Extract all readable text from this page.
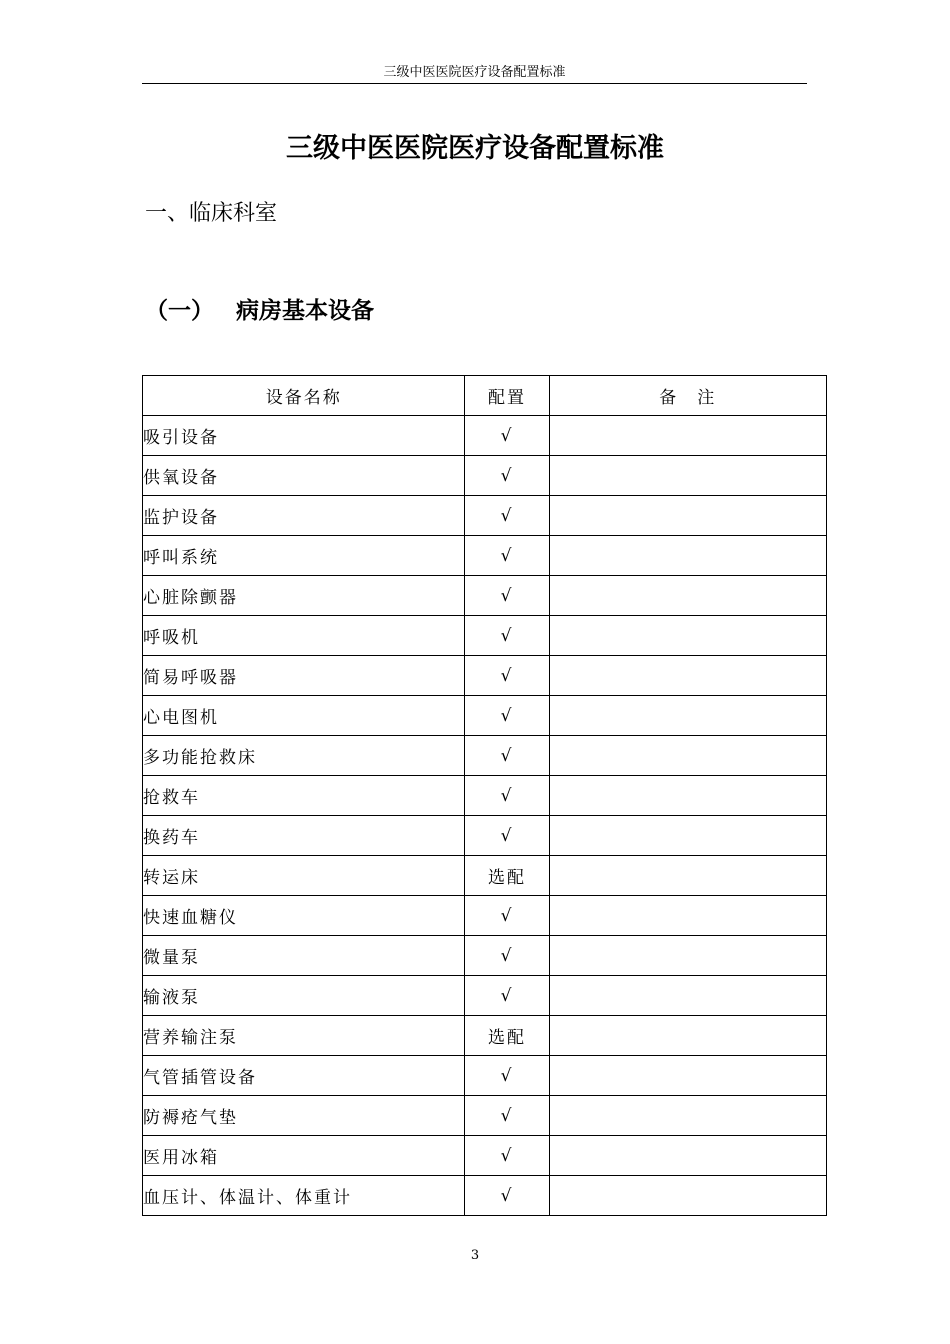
三级中医医院医疗设备配置标准
三级中医医院医疗设备配置标准
一、临床科室
（一） 病房基本设备
设备名称	配置	备　注
吸引设备	√	
供氧设备	√	
监护设备	√	
呼叫系统	√	
心脏除颤器	√	
呼吸机	√	
简易呼吸器	√	
心电图机	√	
多功能抢救床	√	
抢救车	√	
换药车	√	
转运床	选配	
快速血糖仪	√	
微量泵	√	
输液泵	√	
营养输注泵	选配	
气管插管设备	√	
防褥疮气垫	√	
医用冰箱	√	
血压计、体温计、体重计	√	
3
